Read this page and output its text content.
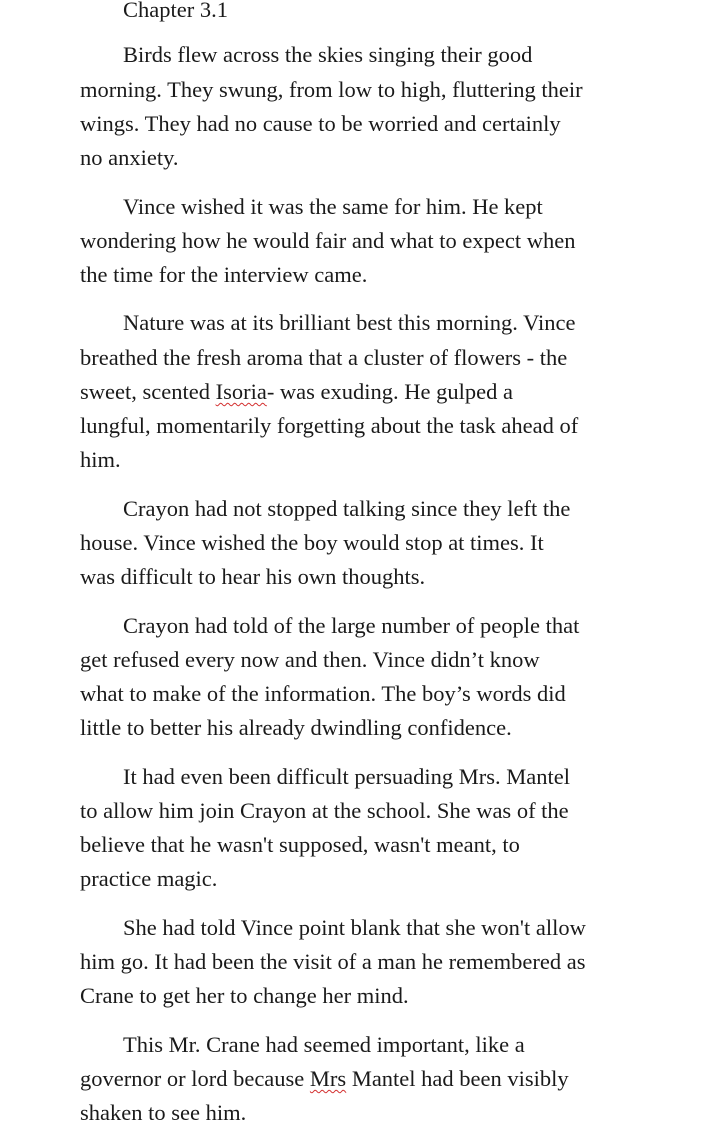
Chapter 3.1

Birds flew across the skies singing their good
morning. They swung, from low to high, fluttering their
wings. They had no cause to be worried and certainly
no anxiety.

Vince wished it was the same for him. He kept
wondering how he would fair and what to expect when
the time for the interview came.

Nature was at its brilliant best this morning. Vince
breathed the fresh aroma that a cluster of flowers - the
sweet, scented Isoria- was exuding. He gulped a
lungful, momentarily forgetting about the task ahead of
him.

Crayon had not stopped talking since they left the
house. Vince wished the boy would stop at times. It
was difficult to hear his own thoughts.

Crayon had told of the large number of people that
get refused every now and then. Vince didn’t know
what to make of the information. The boy’s words did
little to better his already dwindling confidence.

It had even been difficult persuading Mrs. Mantel
to allow him join Crayon at the school. She was of the
believe that he wasn't supposed, wasn't meant, to
practice magic.

She had told Vince point blank that she won't allow
him go. It had been the visit of a man he remembered as
Crane to get her to change her mind.

This Mr. Crane had seemed important, like a
governor or lord because Mrs Mantel had been visibly
shaken to see him.
